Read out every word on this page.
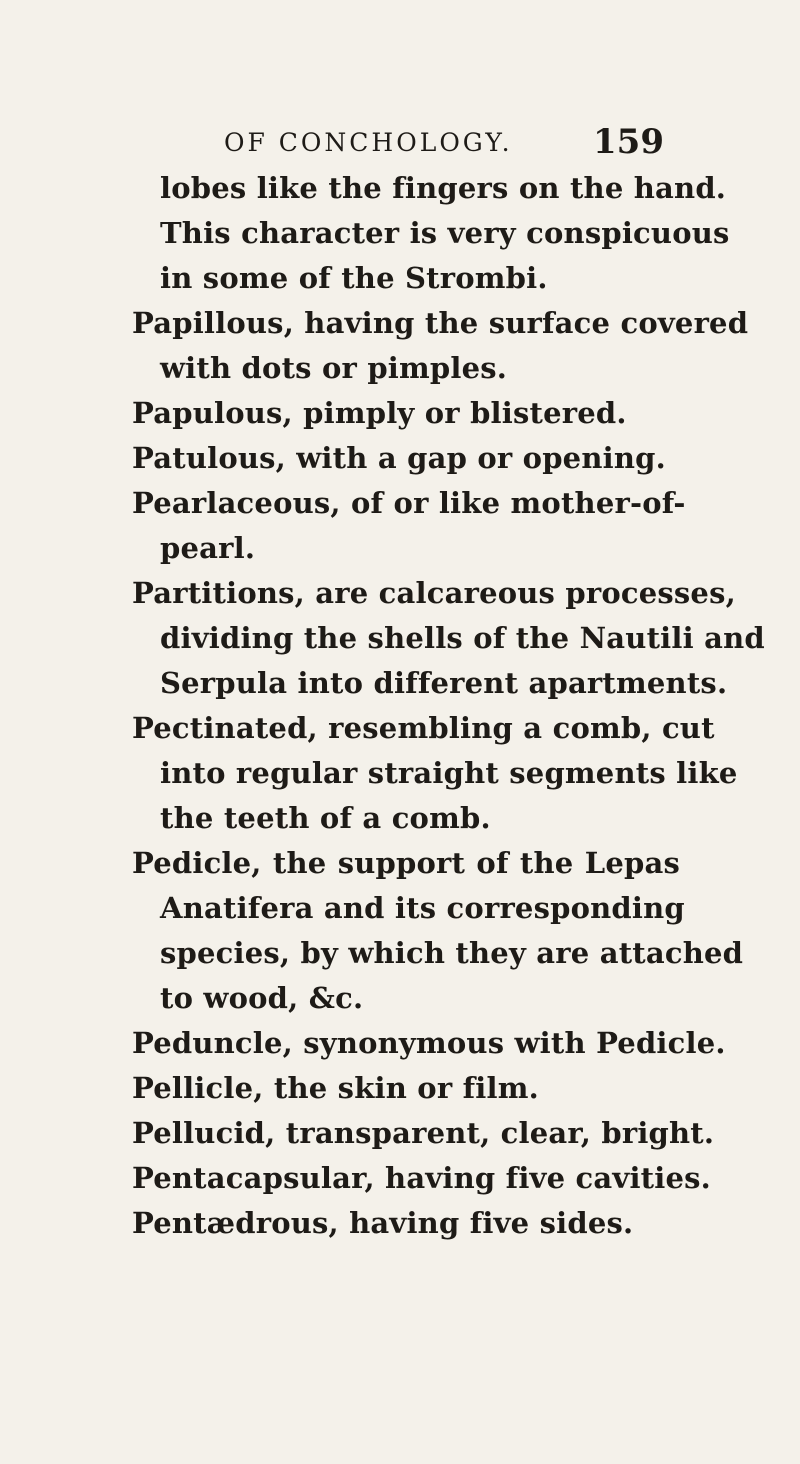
OF CONCHOLOGY. 159
lobes like the fingers on the hand.
This character is very conspicuous
in some of the Strombi.
Papillous, having the surface covered
with dots or pimples.
Papulous, pimply or blistered.
Patulous, with a gap or opening.
Pearlaceous, of or like mother-of-
pearl.
Partitions, are calcareous processes,
dividing the shells of the Nautili and
Serpula into different apartments.
Pectinated, resembling a comb, cut
into regular straight segments like
the teeth of a comb.
Pedicle, the support of the Lepas
Anatifera and its corresponding
species, by which they are attached
to wood, &c.
Peduncle, synonymous with Pedicle.
Pellicle, the skin or film.
Pellucid, transparent, clear, bright.
Pentacapsular, having five cavities.
Pentædrous, having five sides.
